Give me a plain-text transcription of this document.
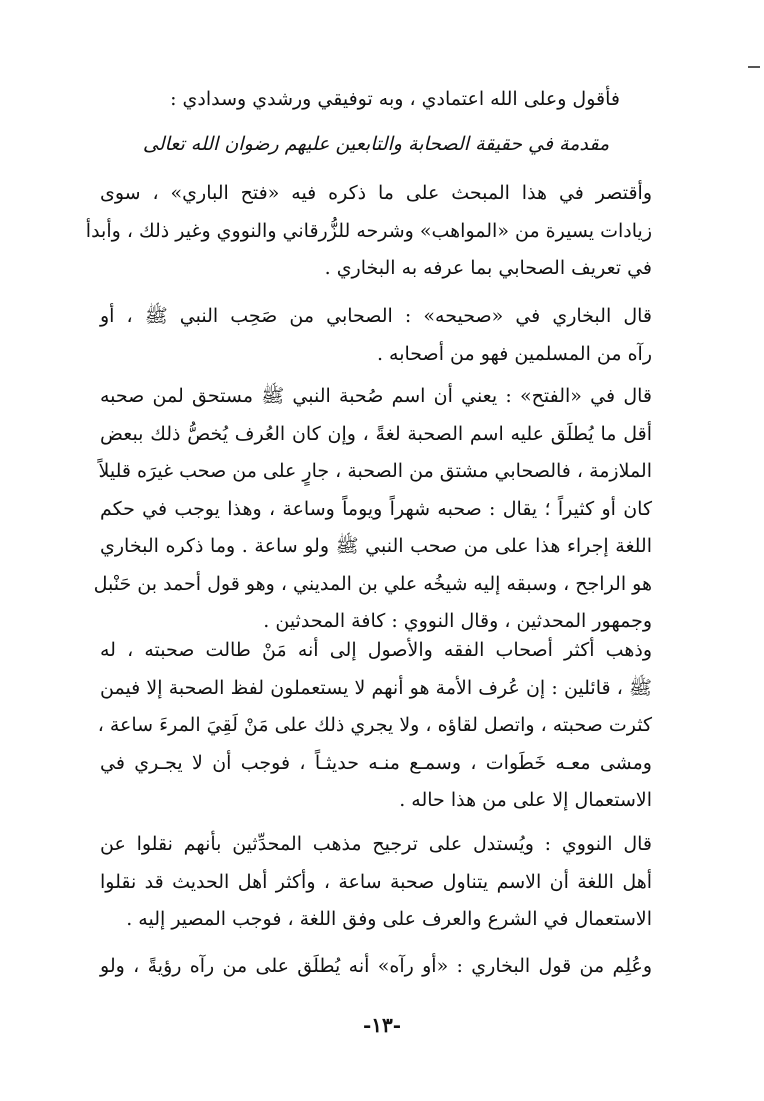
فأقول وعلى الله اعتمادي ، وبه توفيقي ورشدي وسدادي :
مقدمة في حقيقة الصحابة والتابعين عليهم رضوان الله تعالى
وأقتصر في هذا المبحث على ما ذكره فيه «فتح الباري» ، سوى
زيادات يسيرة من «المواهب» وشرحه للزُّرقاني والنووي وغير ذلك ، وأبدأ
في تعريف الصحابي بما عرفه به البخاري .
قال البخاري في «صحيحه» : الصحابي من صَحِب النبي ﷺ ، أو
رآه من المسلمين فهو من أصحابه .
قال في «الفتح» : يعني أن اسم صُحبة النبي ﷺ مستحق لمن صحبه
أقل ما يُطلَق عليه اسم الصحبة لغةً ، وإن كان العُرف يُخصُّ ذلك ببعض
الملازمة ، فالصحابي مشتق من الصحبة ، جارٍ على من صحب غيرَه قليلاً
كان أو كثيراً ؛ يقال : صحبه شهراً ويوماً وساعة ، وهذا يوجب في حكم
اللغة إجراء هذا على من صحب النبي ﷺ ولو ساعة . وما ذكره البخاري
هو الراجح ، وسبقه إليه شيخُه علي بن المديني ، وهو قول أحمد بن حَنْبل
وجمهور المحدثين ، وقال النووي : كافة المحدثين .
وذهب أكثر أصحاب الفقه والأصول إلى أنه مَنْ طالت صحبته ، له
ﷺ ، قائلين : إن عُرف الأمة هو أنهم لا يستعملون لفظ الصحبة إلا فيمن
كثرت صحبته ، واتصل لقاؤه ، ولا يجري ذلك على مَنْ لَقِيَ المرءَ ساعة ،
ومشى معـه خَطَوات ، وسمـع منـه حديثـاً ، فوجب أن لا يجـري في
الاستعمال إلا على من هذا حاله .
قال النووي : ويُستدل على ترجيح مذهب المحدِّثين بأنهم نقلوا عن
أهل اللغة أن الاسم يتناول صحبة ساعة ، وأكثر أهل الحديث قد نقلوا
الاستعمال في الشرع والعرف على وفق اللغة ، فوجب المصير إليه .
وعُلِم من قول البخاري : «أو رآه» أنه يُطلَق على من رآه رؤيةً ، ولو
-١٣-
